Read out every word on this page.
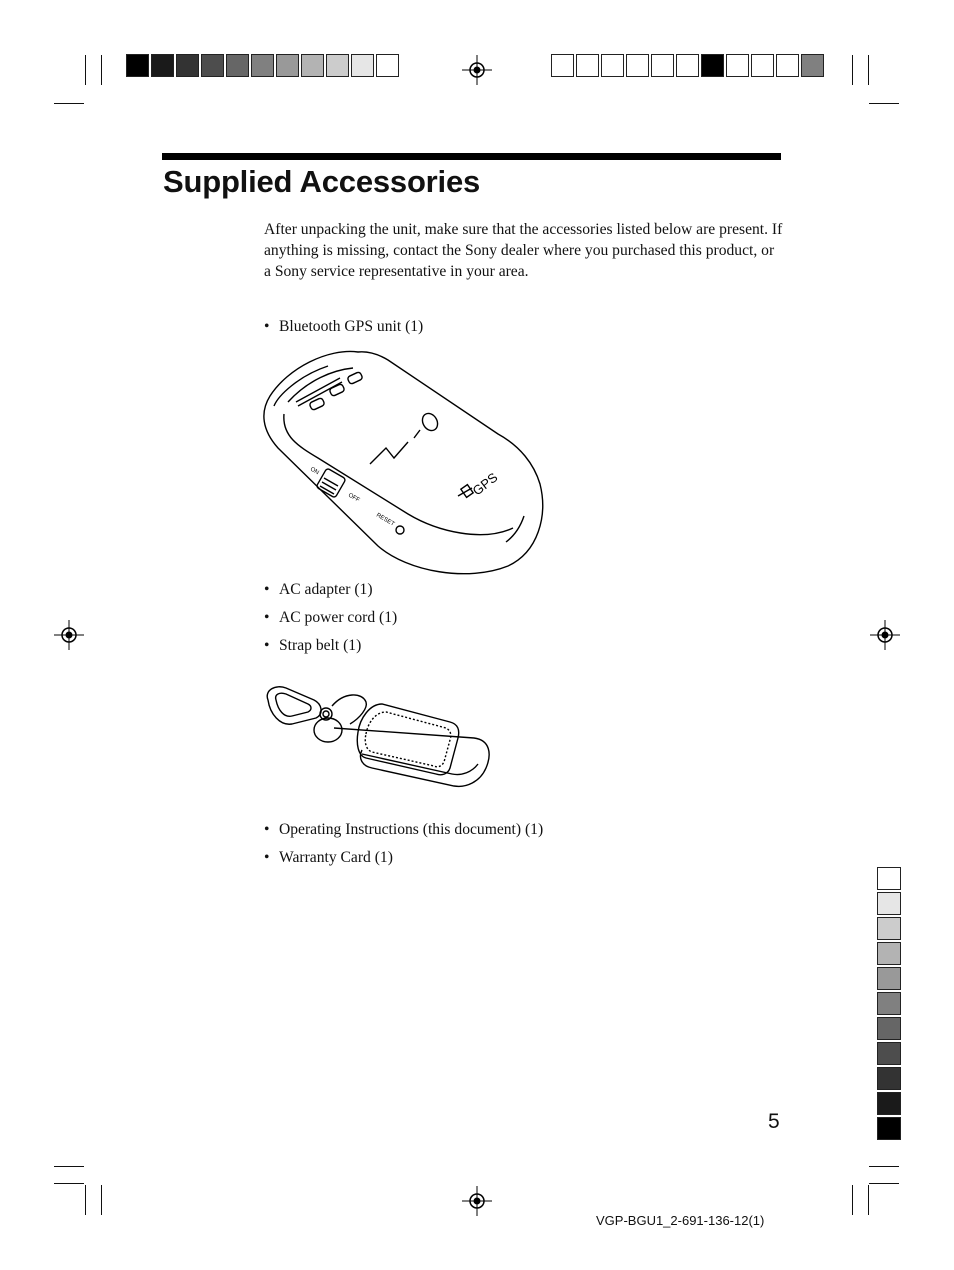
Supplied Accessories

After unpacking the unit, make sure that the accessories listed below are present. If anything is missing, contact the Sony dealer where you purchased this product, or a Sony service representative in your area.

• Bluetooth GPS unit (1)

GPS
ON
OFF
RESET

• AC adapter (1)

• AC power cord (1)

• Strap belt (1)

• Operating Instructions (this document) (1)

• Warranty Card (1)

5
VGP-BGU1_2-691-136-12(1)
